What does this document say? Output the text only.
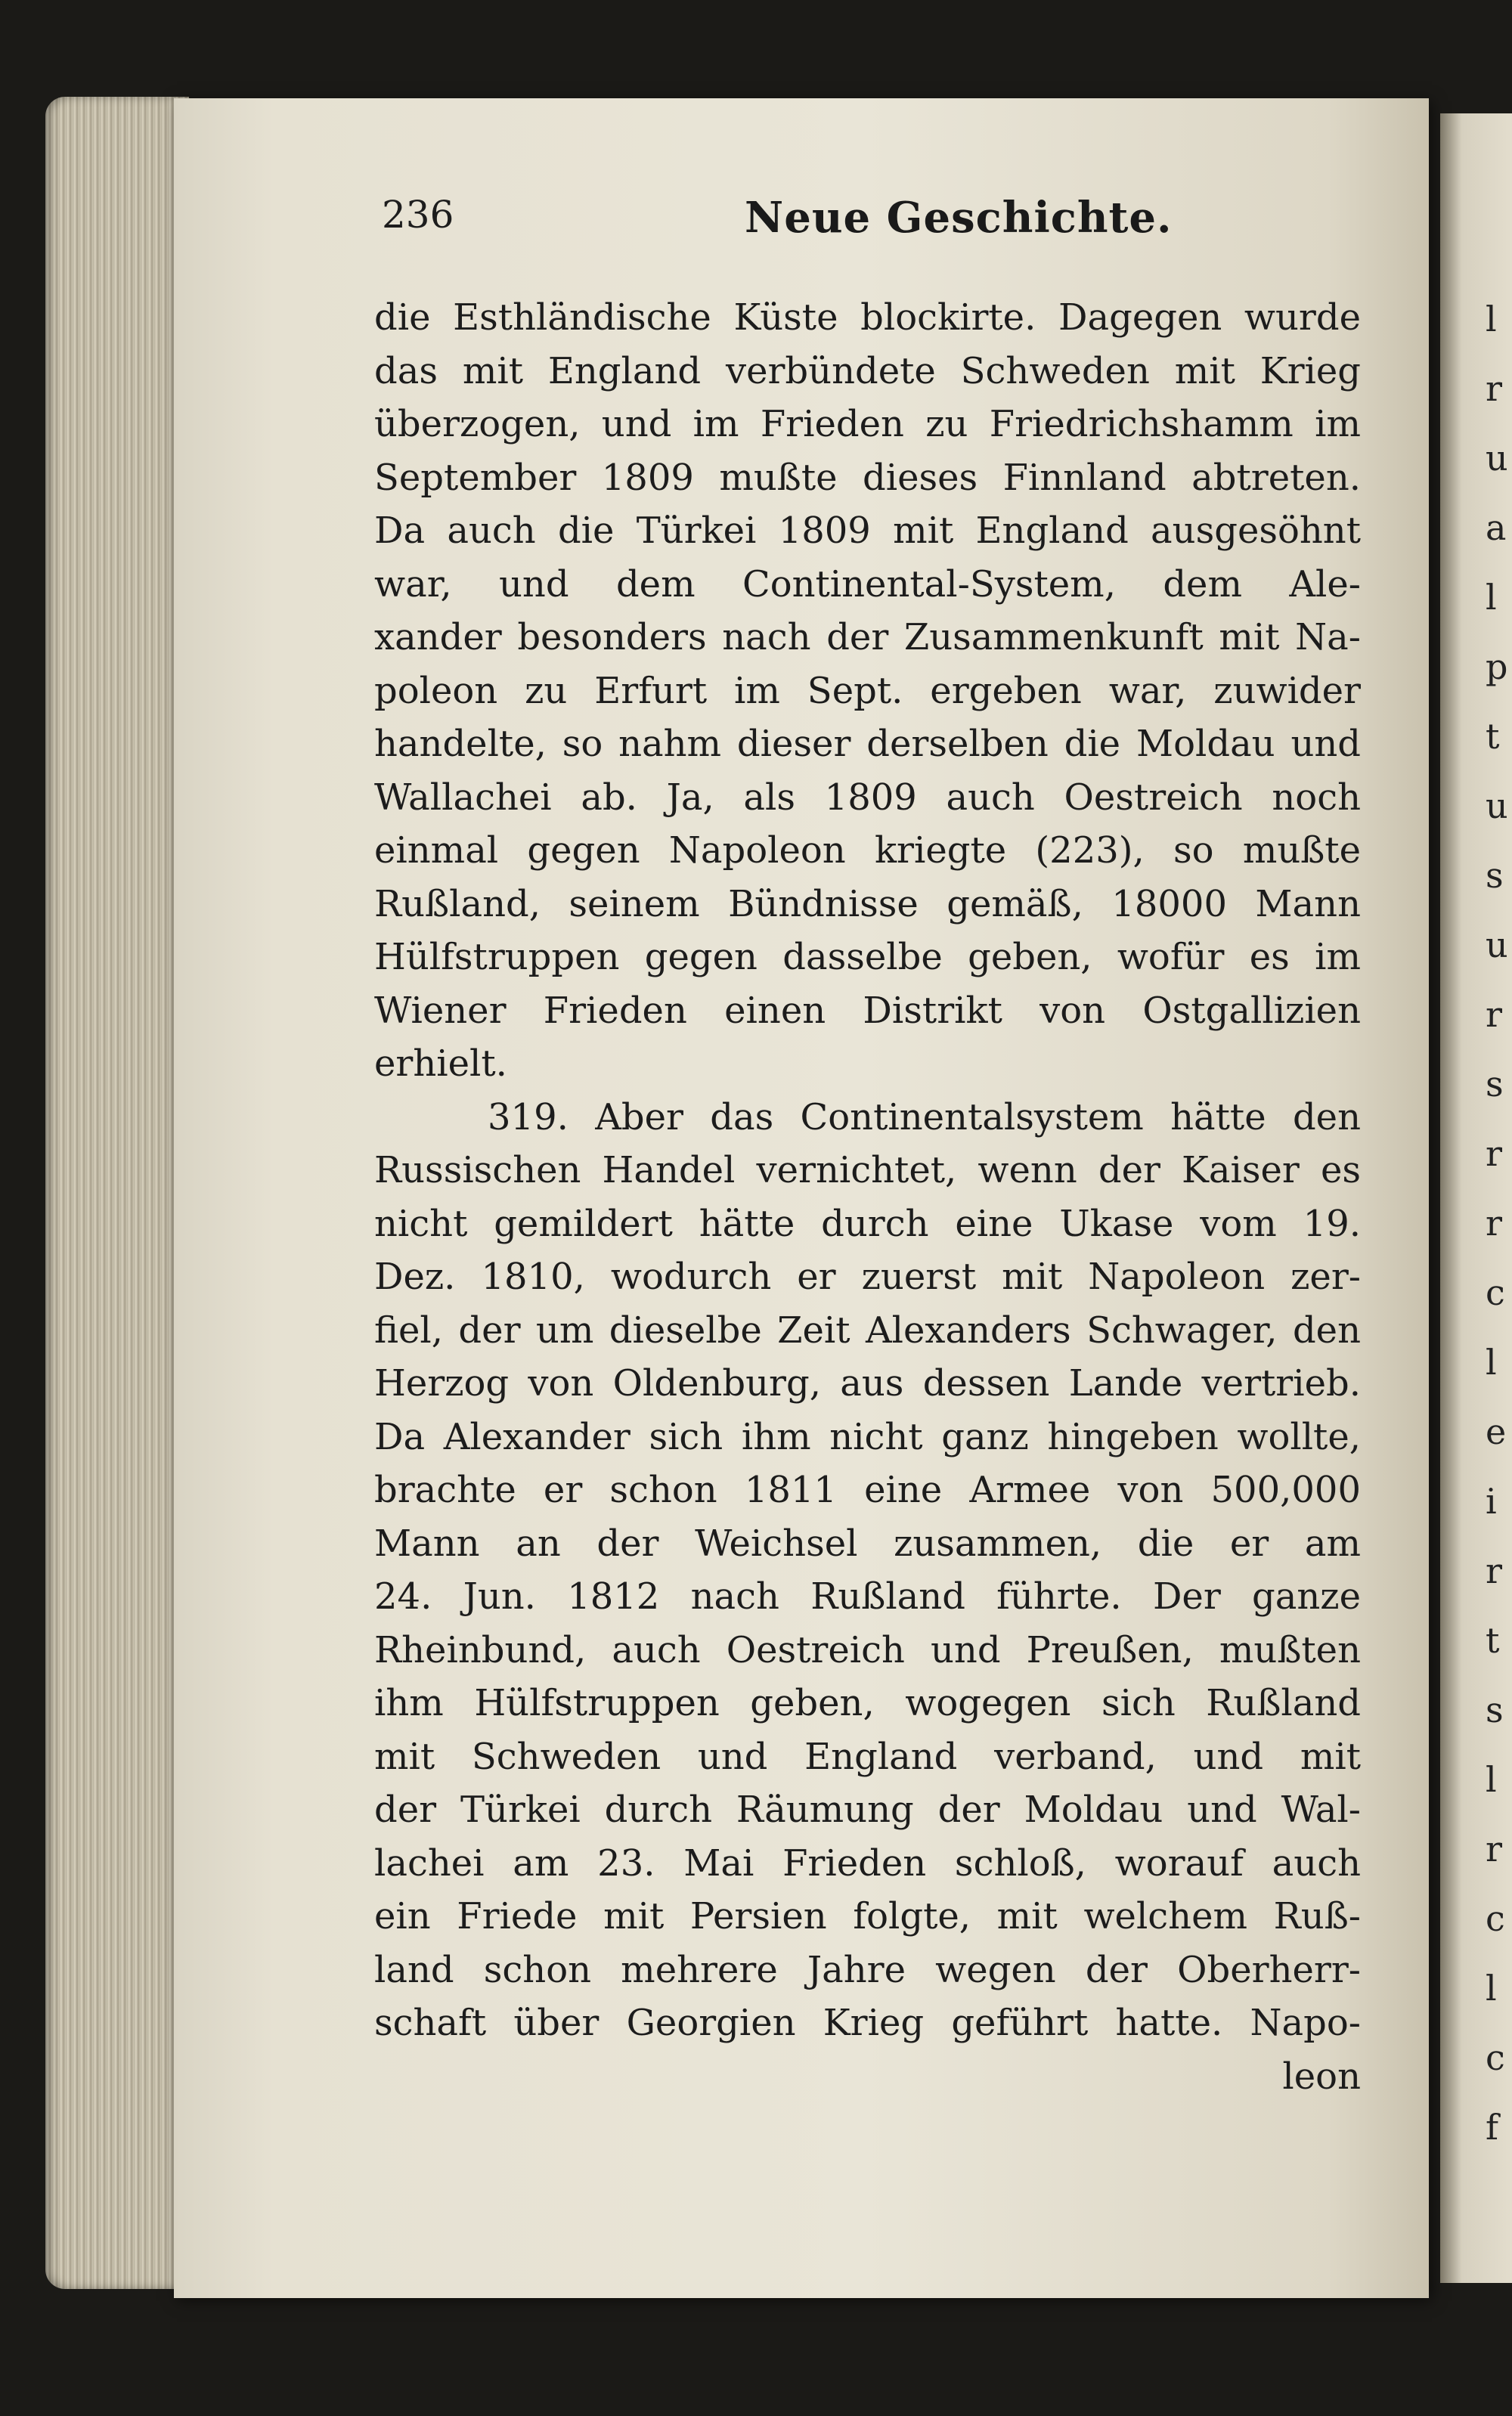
l
r
u
a
l
p
t
u
s
u
r
s
r
r
c
l
e
i
r
t
s
l
r
c
l
c
f
236	Neue Geschichte.
die Esthländische Küste blockirte. Dagegen wurde
das mit England verbündete Schweden mit Krieg
überzogen, und im Frieden zu Friedrichshamm im
September 1809 mußte dieses Finnland abtreten.
Da auch die Türkei 1809 mit England ausgesöhnt
war, und dem Continental-System, dem Ale-
xander besonders nach der Zusammenkunft mit Na-
poleon zu Erfurt im Sept. ergeben war, zuwider
handelte, so nahm dieser derselben die Moldau und
Wallachei ab. Ja, als 1809 auch Oestreich noch
einmal gegen Napoleon kriegte (223), so mußte
Rußland, seinem Bündnisse gemäß, 18000 Mann
Hülfstruppen gegen dasselbe geben, wofür es im
Wiener Frieden einen Distrikt von Ostgallizien
erhielt.
319. Aber das Continentalsystem hätte den
Russischen Handel vernichtet, wenn der Kaiser es
nicht gemildert hätte durch eine Ukase vom 19.
Dez. 1810, wodurch er zuerst mit Napoleon zer-
fiel, der um dieselbe Zeit Alexanders Schwager, den
Herzog von Oldenburg, aus dessen Lande vertrieb.
Da Alexander sich ihm nicht ganz hingeben wollte,
brachte er schon 1811 eine Armee von 500,000
Mann an der Weichsel zusammen, die er am
24. Jun. 1812 nach Rußland führte. Der ganze
Rheinbund, auch Oestreich und Preußen, mußten
ihm Hülfstruppen geben, wogegen sich Rußland
mit Schweden und England verband, und mit
der Türkei durch Räumung der Moldau und Wal-
lachei am 23. Mai Frieden schloß, worauf auch
ein Friede mit Persien folgte, mit welchem Ruß-
land schon mehrere Jahre wegen der Oberherr-
schaft über Georgien Krieg geführt hatte. Napo-
leon
